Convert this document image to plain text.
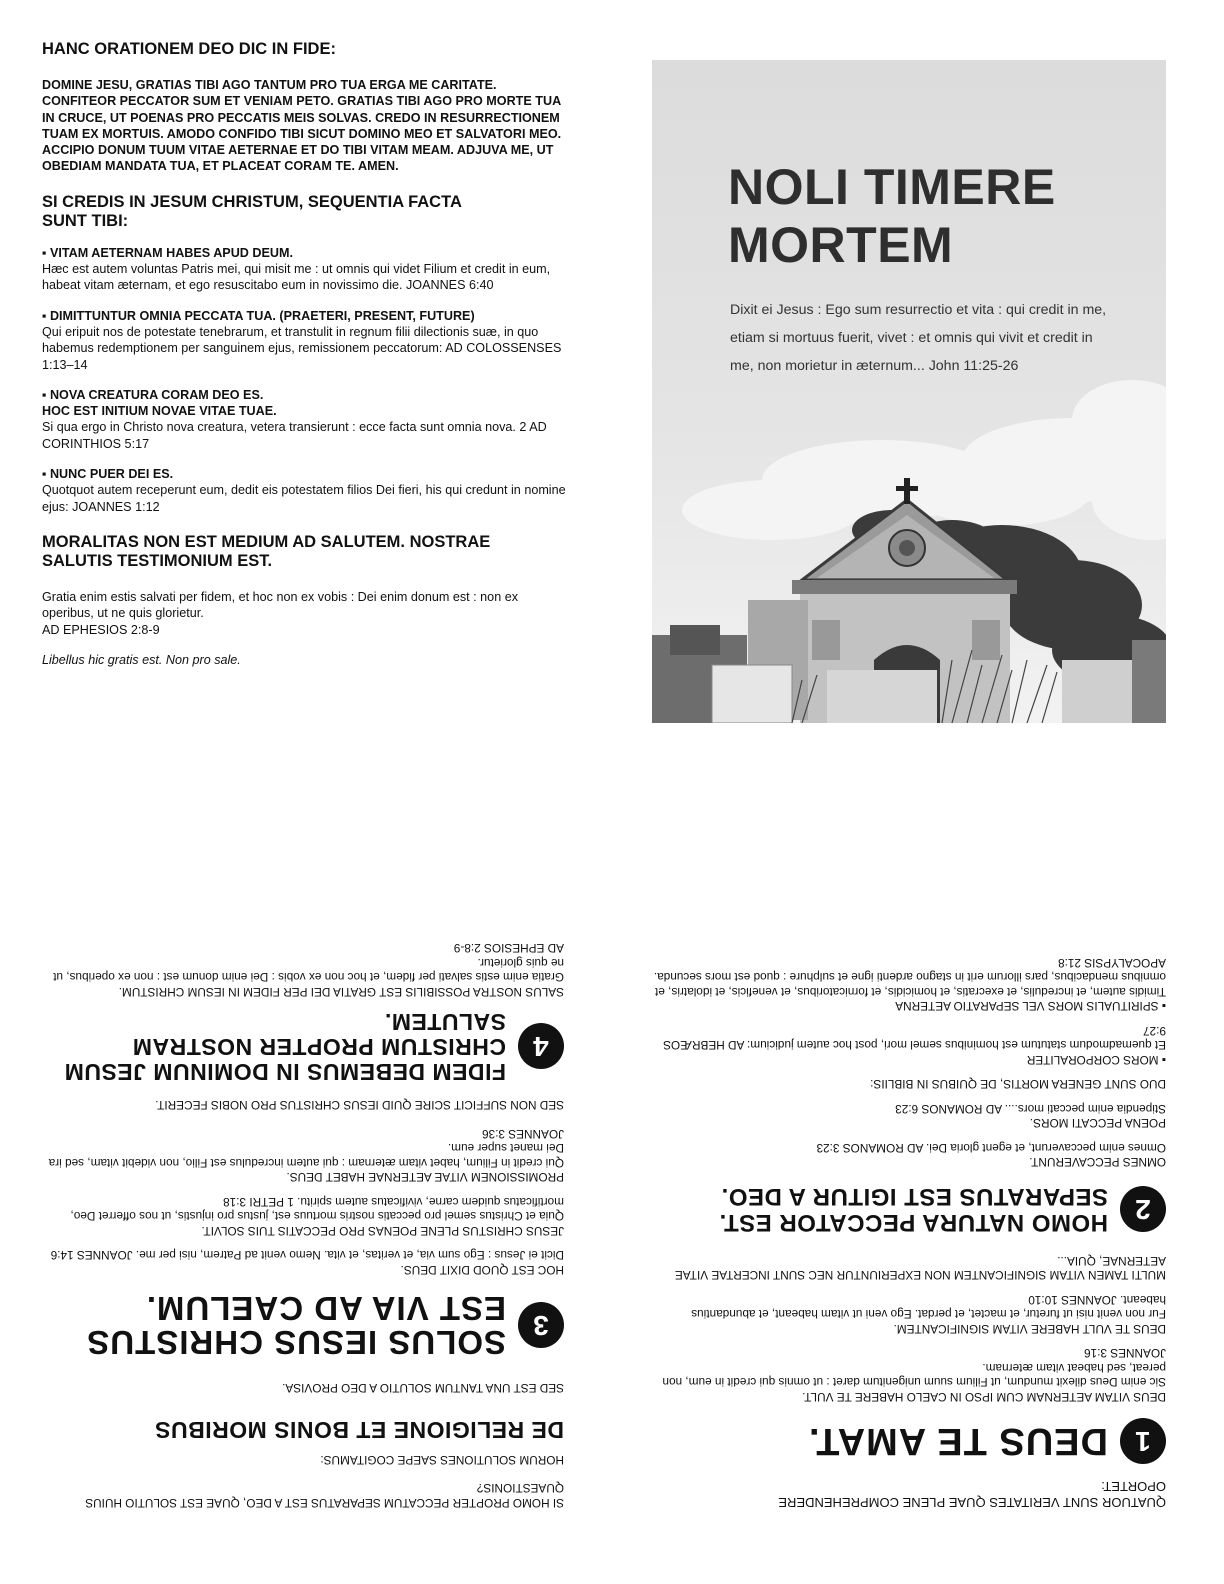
HANC ORATIONEM DEO DIC IN FIDE:

DOMINE JESU, GRATIAS TIBI AGO TANTUM PRO TUA ERGA ME CARITATE. CONFITEOR PECCATOR SUM ET VENIAM PETO. GRATIAS TIBI AGO PRO MORTE TUA IN CRUCE, UT POENAS PRO PECCATIS MEIS SOLVAS. CREDO IN RESURRECTIONEM TUAM EX MORTUIS. AMODO CONFIDO TIBI SICUT DOMINO MEO ET SALVATORI MEO. ACCIPIO DONUM TUUM VITAE AETERNAE ET DO TIBI VITAM MEAM. ADJUVA ME, UT OBEDIAM MANDATA TUA, ET PLACEAT CORAM TE. AMEN.

SI CREDIS IN JESUM CHRISTUM, SEQUENTIA FACTA SUNT TIBI:

▪ VITAM AETERNAM HABES APUD DEUM.

Hæc est autem voluntas Patris mei, qui misit me : ut omnis qui videt Filium et credit in eum, habeat vitam æternam, et ego resuscitabo eum in novissimo die. JOANNES 6:40

▪ DIMITTUNTUR OMNIA PECCATA TUA. (PRAETERI, PRESENT, FUTURE)

Qui eripuit nos de potestate tenebrarum, et transtulit in regnum filii dilectionis suæ, in quo habemus redemptionem per sanguinem ejus, remissionem peccatorum: AD COLOSSENSES 1:13–14

▪ NOVA CREATURA CORAM DEO ES.

HOC EST INITIUM NOVAE VITAE TUAE.

Si qua ergo in Christo nova creatura, vetera transierunt : ecce facta sunt omnia nova. 2 AD CORINTHIOS 5:17

▪ NUNC PUER DEI ES.

Quotquot autem receperunt eum, dedit eis potestatem filios Dei fieri, his qui credunt in nomine ejus: JOANNES 1:12

MORALITAS NON EST MEDIUM AD SALUTEM. NOSTRAE SALUTIS TESTIMONIUM EST.

Gratia enim estis salvati per fidem, et hoc non ex vobis : Dei enim donum est : non ex operibus, ut ne quis glorietur.

AD EPHESIOS 2:8-9

Libellus hic gratis est. Non pro sale.

NOLI TIMERE
MORTEM
Dixit ei Jesus : Ego sum resurrectio et vita : qui credit in me, etiam si mortuus fuerit, vivet : et omnis qui vivit et credit in me, non morietur in æternum... John 11:25-26

SI HOMO PROPTER PECCATUM SEPARATUS EST A DEO, QUAE EST SOLUTIO HUIUS QUAESTIONIS?

HORUM SOLUTIONES SAEPE COGITAMUS:

DE RELIGIONE ET BONIS MORIBUS

SED EST UNA TANTUM SOLUTIO A DEO PROVISA.

3
SOLUS IESUS CHRISTUS
EST VIA AD CAELUM.

HOC EST QUOD DIXIT DEUS.

Dicit ei Jesus : Ego sum via, et veritas, et vita. Nemo venit ad Patrem, nisi per me. JOANNES 14:6

JESUS CHRISTUS PLENE POENAS PRO PECCATIS TUIS SOLVIT.

Quia et Christus semel pro peccatis nostris mortuus est, justus pro injustis, ut nos offerret Deo, mortificatus quidem carne, vivificatus autem spiritu. 1 PETRI 3:18

PROMISSIONEM VITAE AETERNAE HABET DEUS.

Qui credit in Filium, habet vitam æternam : qui autem incredulus est Filio, non videbit vitam, sed ira Dei manet super eum.

JOANNES 3:36

SED NON SUFFICIT SCIRE QUID IESUS CHRISTUS PRO NOBIS FECERIT.

4
FIDEM DEBEMUS IN DOMINUM JESUM
CHRISTUM PROPTER NOSTRAM SALUTEM.

SALUS NOSTRA POSSIBILIS EST GRATIA DEI PER FIDEM IN IESUM CHRISTUM.

Gratia enim estis salvati per fidem, et hoc non ex vobis : Dei enim donum est : non ex operibus, ut ne quis glorietur.

AD EPHESIOS 2:8-9

QUATUOR SUNT VERITATES QUAE PLENE COMPREHENDERE OPORTET:

1
DEUS TE AMAT.

DEUS VITAM AETERNAM CUM IPSO IN CAELO HABERE TE VULT.

Sic enim Deus dilexit mundum, ut Filium suum unigenitum daret : ut omnis qui credit in eum, non pereat, sed habeat vitam æternam.

JOANNES 3:16

DEUS TE VULT HABERE VITAM SIGNIFICANTEM.

Fur non venit nisi ut furetur, et mactet, et perdat. Ego veni ut vitam habeant, et abundantius habeant. JOANNES 10:10

MULTI TAMEN VITAM SIGNIFICANTEM NON EXPERIUNTUR NEC SUNT INCERTAE VITAE AETERNAE, QUIA...

2
HOMO NATURA PECCATOR EST.
SEPARATUS EST IGITUR A DEO.

OMNES PECCAVERUNT.

Omnes enim peccaverunt, et egent gloria Dei. AD ROMANOS 3:23

POENA PECCATI MORS.

Stipendia enim peccati mors.... AD ROMANOS 6:23

DUO SUNT GENERA MORTIS, DE QUIBUS IN BIBLIIS:

▪ MORS CORPORALITER

Et quemadmodum statutum est hominibus semel mori, post hoc autem judicium: AD HEBRÆOS 9:27

▪ SPIRITUALIS MORS VEL SEPARATIO AETERNA

Timidis autem, et incredulis, et execratis, et homicidis, et fornicatoribus, et veneficis, et idolatris, et omnibus mendacibus, pars illorum erit in stagno ardenti igne et sulphure : quod est mors secunda.

APOCALYPSIS 21:8
